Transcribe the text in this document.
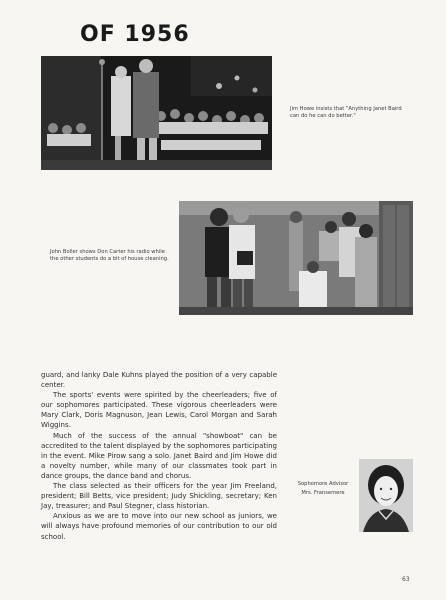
OF 1956
Jim Howe insists that "Anything Janet Baird can do he can do better."
John Boller shows Don Carter his radio while the other students do a bit of house cleaning.

guard, and lanky Dale Kuhns played the position of a very capable center.

The sports' events were spirited by the cheerleaders; five of our sophomores participated. These vigorous cheerleaders were Mary Clark, Doris Magnuson, Jean Lewis, Carol Morgan and Sarah Wiggins.

Much of the success of the annual "showboat" can be accredited to the talent displayed by the sophomores participating in the event. Mike Pirow sang a solo. Janet Baird and Jim Howe did a novelty number, while many of our classmates took part in dance groups, the dance band and chorus.

The class selected as their officers for the year Jim Freeland, president; Bill Betts, vice president; Judy Shickling, secretary; Ken Jay, treasurer; and Paul Stegner, class historian.

Anxious as we are to move into our new school as juniors, we will always have profound memories of our contribution to our old school.

Sophomore Advisor
Mrs. Fransemere
63
